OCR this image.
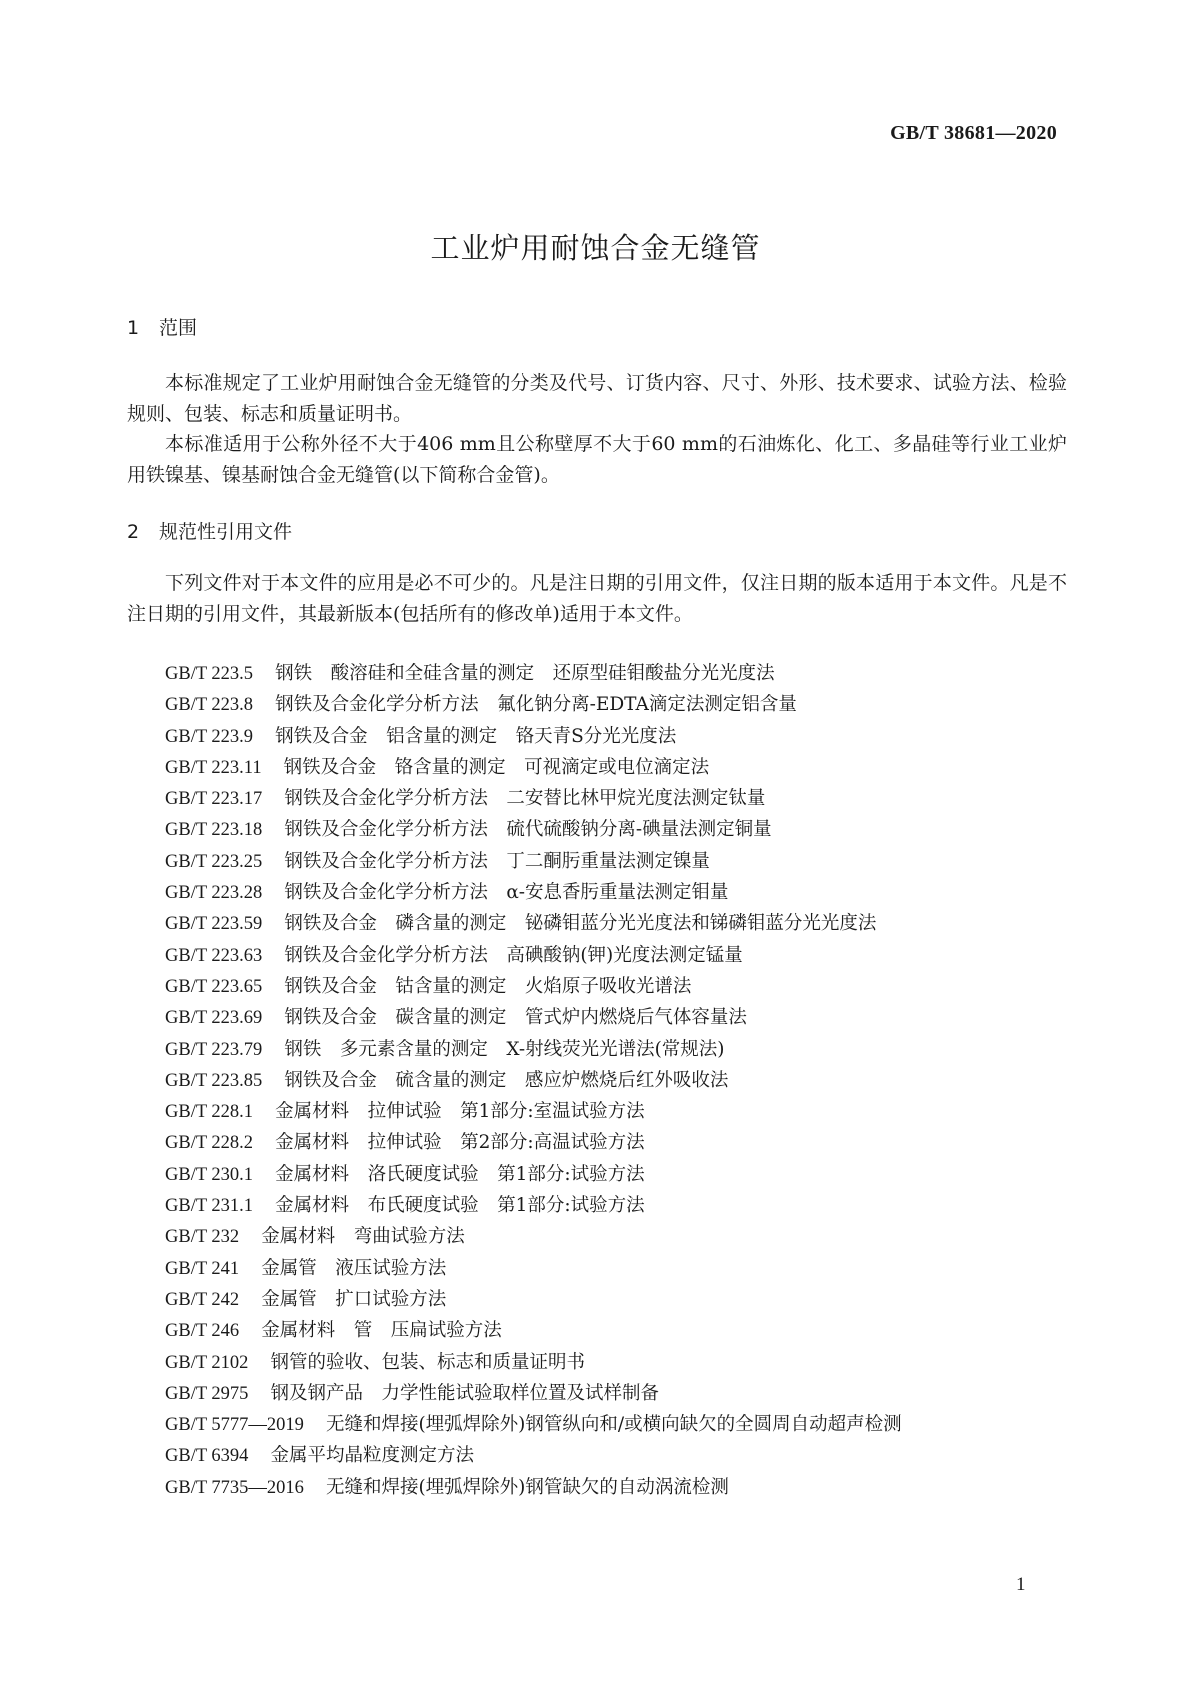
GB/T 38681—2020
工业炉用耐蚀合金无缝管
1 范围

本标准规定了工业炉用耐蚀合金无缝管的分类及代号、订货内容、尺寸、外形、技术要求、试验方法、检验规则、包装、标志和质量证明书。

本标准适用于公称外径不大于406 mm且公称壁厚不大于60 mm的石油炼化、化工、多晶硅等行业工业炉用铁镍基、镍基耐蚀合金无缝管(以下简称合金管)。

2 规范性引用文件

下列文件对于本文件的应用是必不可少的。凡是注日期的引用文件，仅注日期的版本适用于本文件。凡是不注日期的引用文件，其最新版本(包括所有的修改单)适用于本文件。

GB/T 223.5 钢铁　酸溶硅和全硅含量的测定　还原型硅钼酸盐分光光度法
GB/T 223.8 钢铁及合金化学分析方法　氟化钠分离-EDTA滴定法测定铝含量
GB/T 223.9 钢铁及合金　铝含量的测定　铬天青S分光光度法
GB/T 223.11 钢铁及合金　铬含量的测定　可视滴定或电位滴定法
GB/T 223.17 钢铁及合金化学分析方法　二安替比林甲烷光度法测定钛量
GB/T 223.18 钢铁及合金化学分析方法　硫代硫酸钠分离-碘量法测定铜量
GB/T 223.25 钢铁及合金化学分析方法　丁二酮肟重量法测定镍量
GB/T 223.28 钢铁及合金化学分析方法　α-安息香肟重量法测定钼量
GB/T 223.59 钢铁及合金　磷含量的测定　铋磷钼蓝分光光度法和锑磷钼蓝分光光度法
GB/T 223.63 钢铁及合金化学分析方法　高碘酸钠(钾)光度法测定锰量
GB/T 223.65 钢铁及合金　钴含量的测定　火焰原子吸收光谱法
GB/T 223.69 钢铁及合金　碳含量的测定　管式炉内燃烧后气体容量法
GB/T 223.79 钢铁　多元素含量的测定　X-射线荧光光谱法(常规法)
GB/T 223.85 钢铁及合金　硫含量的测定　感应炉燃烧后红外吸收法
GB/T 228.1 金属材料　拉伸试验　第1部分:室温试验方法
GB/T 228.2 金属材料　拉伸试验　第2部分:高温试验方法
GB/T 230.1 金属材料　洛氏硬度试验　第1部分:试验方法
GB/T 231.1 金属材料　布氏硬度试验　第1部分:试验方法
GB/T 232 金属材料　弯曲试验方法
GB/T 241 金属管　液压试验方法
GB/T 242 金属管　扩口试验方法
GB/T 246 金属材料　管　压扁试验方法
GB/T 2102 钢管的验收、包装、标志和质量证明书
GB/T 2975 钢及钢产品　力学性能试验取样位置及试样制备
GB/T 5777—2019 无缝和焊接(埋弧焊除外)钢管纵向和/或横向缺欠的全圆周自动超声检测
GB/T 6394 金属平均晶粒度测定方法
GB/T 7735—2016 无缝和焊接(埋弧焊除外)钢管缺欠的自动涡流检测
1
